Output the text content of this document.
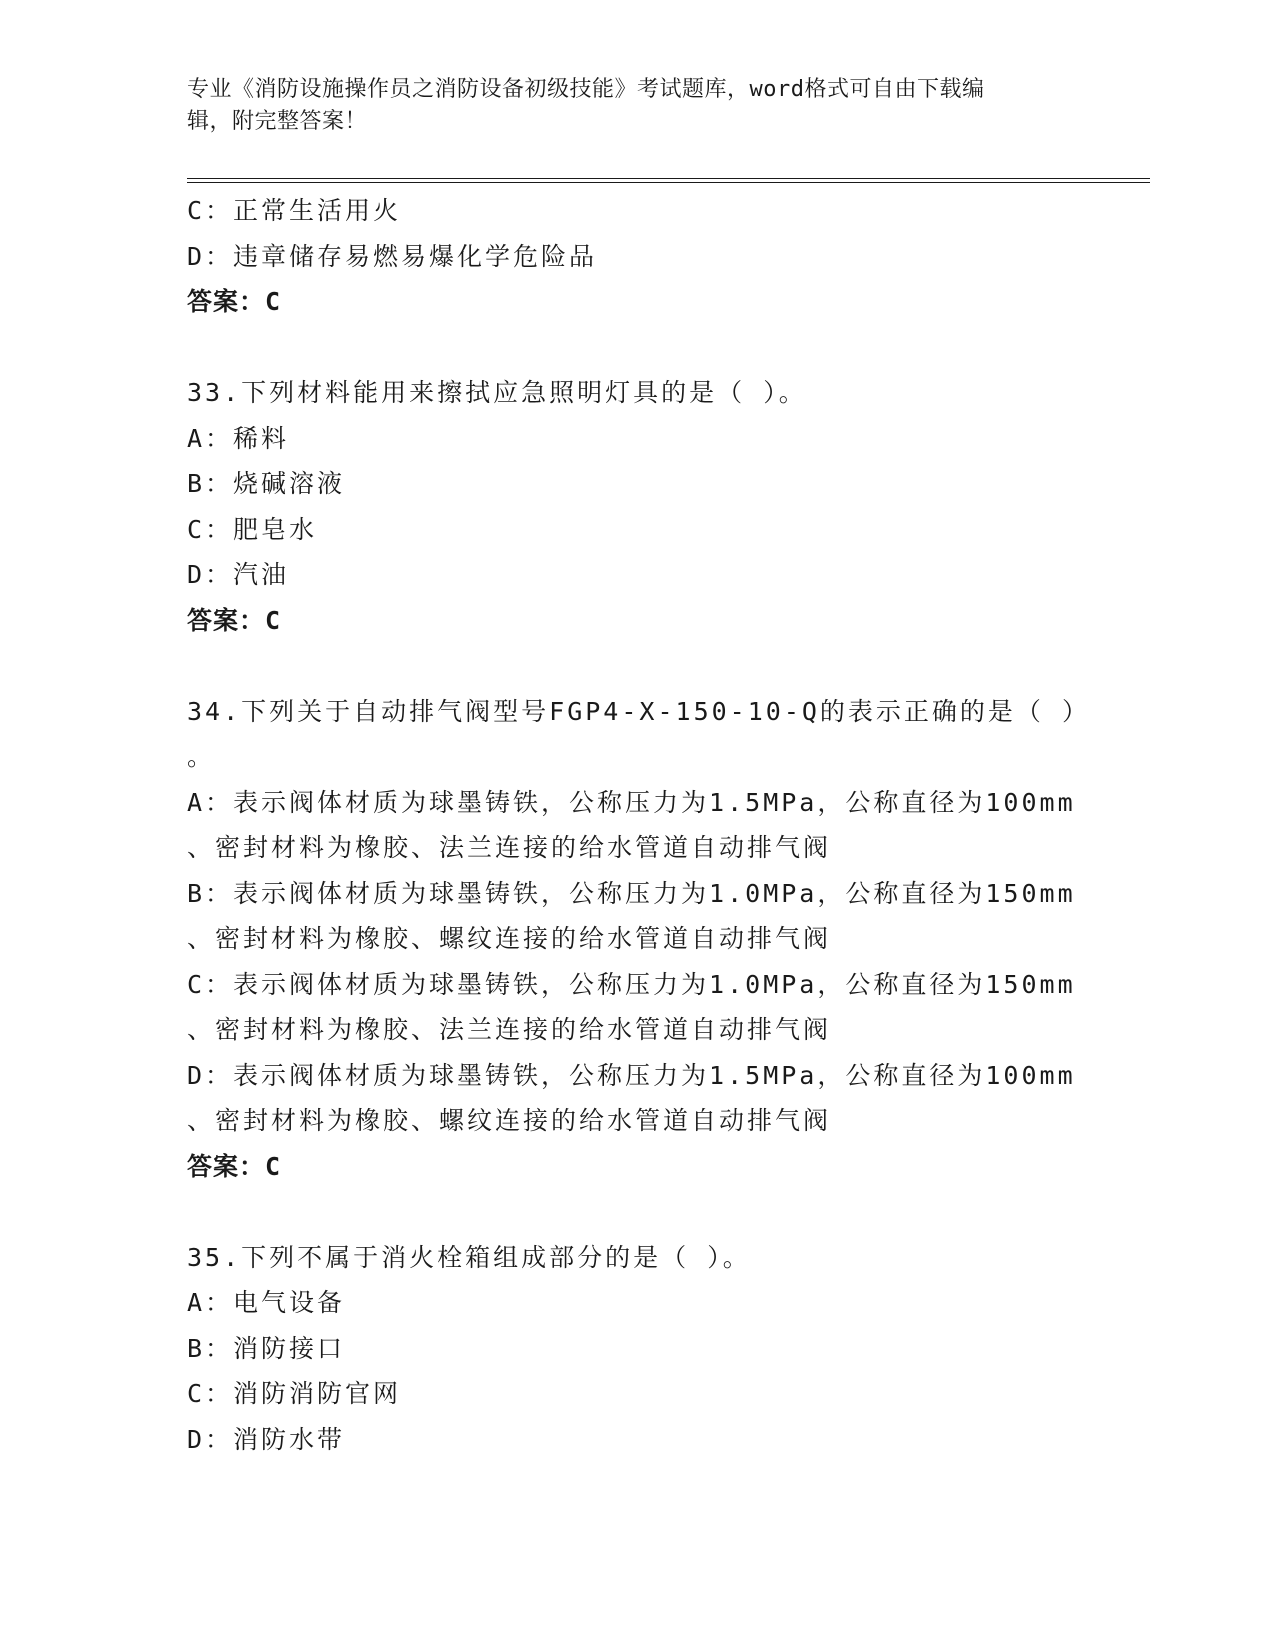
专业《消防设施操作员之消防设备初级技能》考试题库，word格式可自由下载编
辑，附完整答案！
C：正常生活用火
D：违章储存易燃易爆化学危险品
答案：C
33.下列材料能用来擦拭应急照明灯具的是（ ）。
A：稀料
B：烧碱溶液
C：肥皂水
D：汽油
答案：C
34.下列关于自动排气阀型号FGP4-X-150-10-Q的表示正确的是（ ）
。
A：表示阀体材质为球墨铸铁，公称压力为1.5MPa，公称直径为100mm
、密封材料为橡胶、法兰连接的给水管道自动排气阀
B：表示阀体材质为球墨铸铁，公称压力为1.0MPa，公称直径为150mm
、密封材料为橡胶、螺纹连接的给水管道自动排气阀
C：表示阀体材质为球墨铸铁，公称压力为1.0MPa，公称直径为150mm
、密封材料为橡胶、法兰连接的给水管道自动排气阀
D：表示阀体材质为球墨铸铁，公称压力为1.5MPa，公称直径为100mm
、密封材料为橡胶、螺纹连接的给水管道自动排气阀
答案：C
35.下列不属于消火栓箱组成部分的是（ ）。
A：电气设备
B：消防接口
C：消防消防官网
D：消防水带
